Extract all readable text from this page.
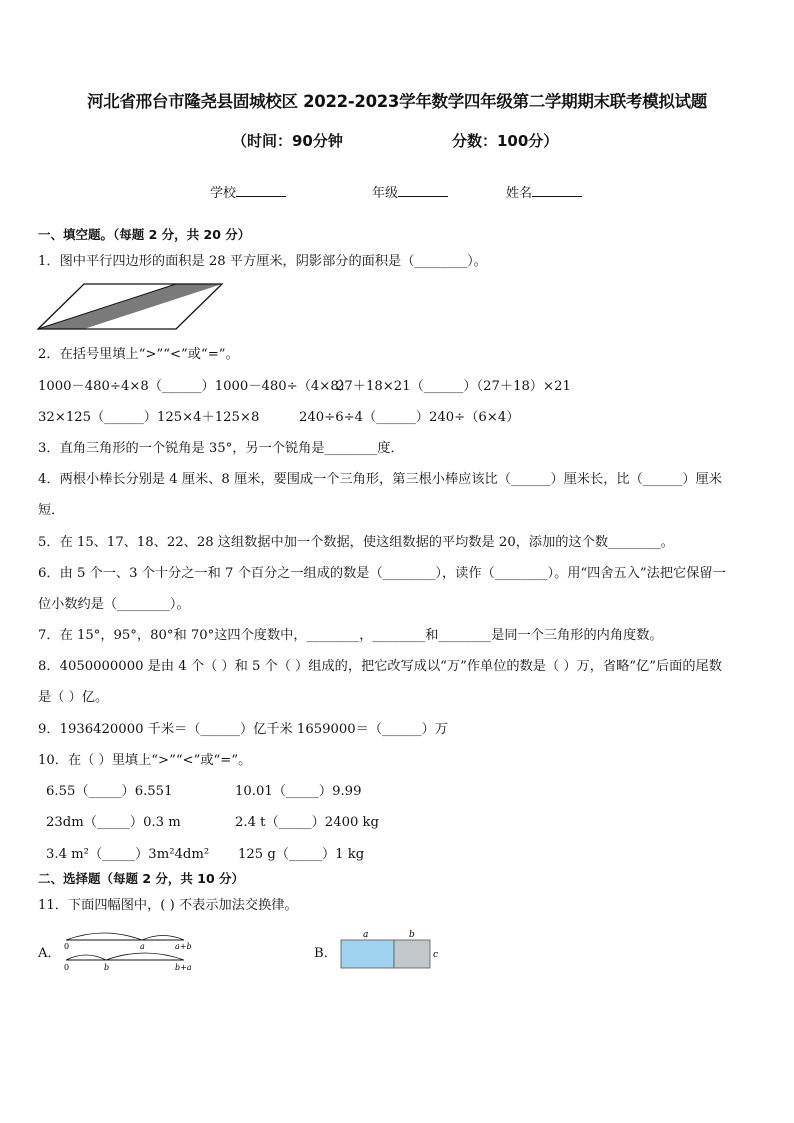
河北省邢台市隆尧县固城校区 2022-2023学年数学四年级第二学期期末联考模拟试题
（时间：90分钟	分数：100分）
学校	年级	姓名
一、填空题。（每题 2 分，共 20 分）
1．图中平行四边形的面积是 28 平方厘米，阴影部分的面积是（________）。
2．在括号里填上“>”“<”或“=”。
1000－480÷4×8（______）1000－480÷（4×8）
27＋18×21（______）（27＋18）×21
32×125（______）125×4＋125×8	240÷6÷4（______）240÷（6×4）
3．直角三角形的一个锐角是 35°，另一个锐角是________度．
4．两根小棒长分别是 4 厘米、8 厘米，要围成一个三角形，第三根小棒应该比（______）厘米长，比（______）厘米
短．
5．在 15、17、18、22、28 这组数据中加一个数据，使这组数据的平均数是 20，添加的这个数________。
6．由 5 个一、3 个十分之一和 7 个百分之一组成的数是（________），读作（________）。用“四舍五入”法把它保留一
位小数约是（________）。
7．在 15°，95°，80°和 70°这四个度数中，________，________和________是同一个三角形的内角度数。
8．4050000000 是由 4 个（ ）和 5 个（ ）组成的，把它改写成以“万”作单位的数是（ ）万，省略“亿”后面的尾数
是（ ）亿。
9．1936420000 千米＝（______）亿千米 1659000＝（______）万
10．在（ ）里填上“>”“<”或“=”。
6.55（_____）6.551	10.01（_____）9.99
23dm（_____）0.3 m	2.4 t（_____）2400 kg
3.4 m²（_____）3m²4dm² 125 g（_____）1 kg
二、选择题（每题 2 分，共 10 分）
11．下面四幅图中，( ) 不表示加法交换律。
A． 0	a	a+b
0	b	b+a
B．
a	b
c
